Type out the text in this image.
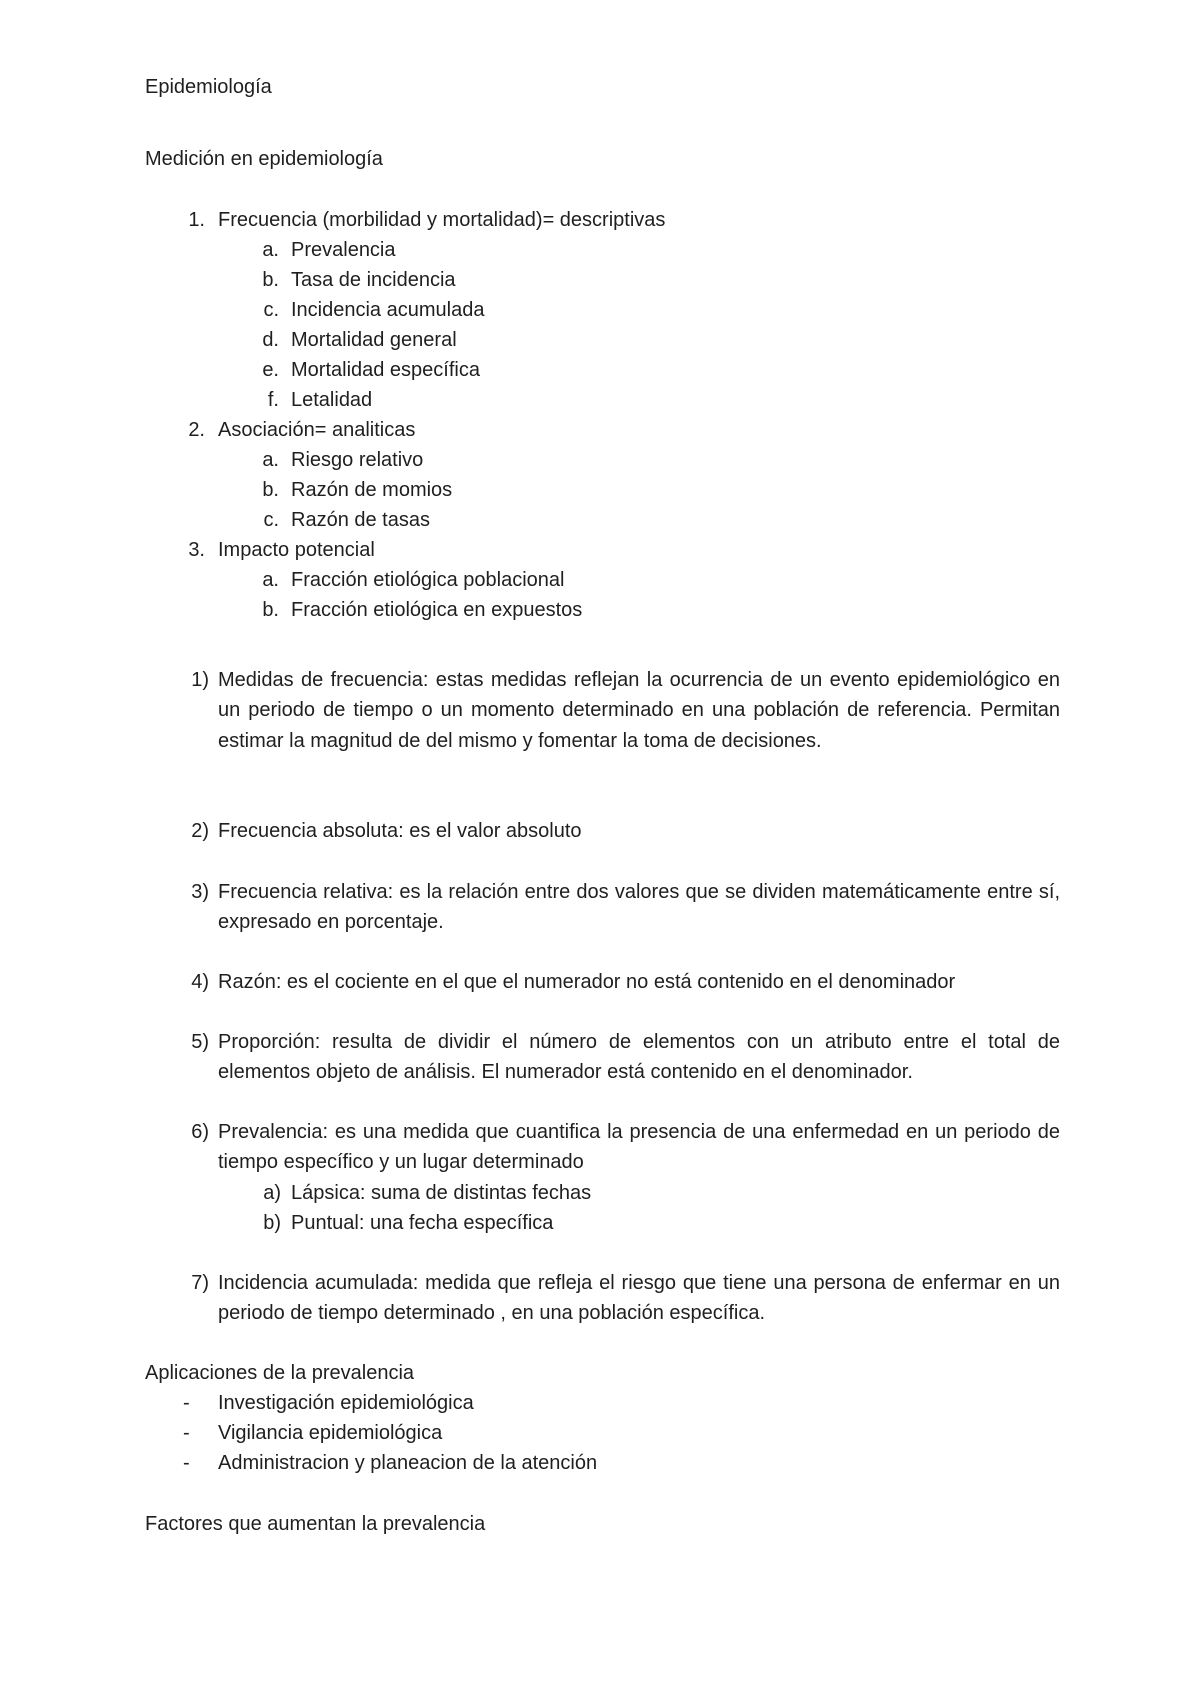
Epidemiología
Medición en epidemiología
1. Frecuencia (morbilidad y mortalidad)= descriptivas
a. Prevalencia
b. Tasa de incidencia
c. Incidencia acumulada
d. Mortalidad general
e. Mortalidad específica
f. Letalidad
2. Asociación= analiticas
a. Riesgo relativo
b. Razón de momios
c. Razón de tasas
3. Impacto potencial
a. Fracción etiológica poblacional
b. Fracción etiológica en expuestos
1) Medidas de frecuencia: estas medidas reflejan la ocurrencia de un evento epidemiológico en un periodo de tiempo o un momento determinado en una población de referencia. Permitan estimar la magnitud de del mismo y fomentar la toma de decisiones.
2) Frecuencia absoluta: es el valor absoluto
3) Frecuencia relativa: es la relación entre dos valores que se dividen matemáticamente entre sí, expresado en porcentaje.
4) Razón: es el cociente en el que el numerador no está contenido en el denominador
5) Proporción: resulta de dividir el número de elementos con un atributo entre el total de elementos objeto de análisis. El numerador está contenido en el denominador.
6) Prevalencia: es una medida que cuantifica la presencia de una enfermedad en un periodo de tiempo específico y un lugar determinado
a) Lápsica: suma de distintas fechas
b) Puntual: una fecha específica
7) Incidencia acumulada: medida que refleja el riesgo que tiene una persona de enfermar en un periodo de tiempo determinado , en una población específica.
Aplicaciones de la prevalencia
-	Investigación epidemiológica
-	Vigilancia epidemiológica
-	Administracion y planeacion de la atención
Factores que aumentan la prevalencia
